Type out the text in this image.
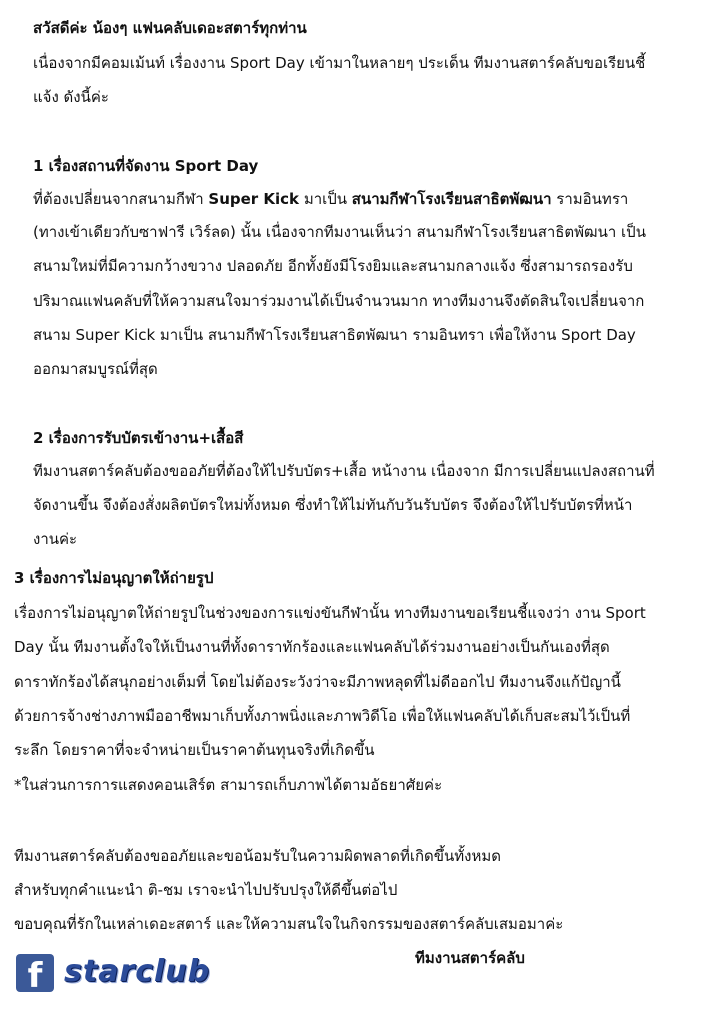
สวัสดีค่ะ น้องๆ แฟนคลับเดอะสตาร์ทุกท่าน
เนื่องจากมีคอมเม้นท์ เรื่องงาน Sport Day เข้ามาในหลายๆ ประเด็น ทีมงานสตาร์คลับขอเรียนชี้
แจ้ง ดังนี้ค่ะ
1 เรื่องสถานที่จัดงาน Sport Day
ที่ต้องเปลี่ยนจากสนามกีฬา Super Kick มาเป็น สนามกีฬาโรงเรียนสาธิตพัฒนา รามอินทรา
(ทางเข้าเดียวกับซาฟารี เวิร์ลด) นั้น เนื่องจากทีมงานเห็นว่า สนามกีฬาโรงเรียนสาธิตพัฒนา เป็น
สนามใหม่ที่มีความกว้างขวาง ปลอดภัย อีกทั้งยังมีโรงยิมและสนามกลางแจ้ง ซึ่งสามารถรองรับ
ปริมาณแฟนคลับที่ให้ความสนใจมาร่วมงานได้เป็นจำนวนมาก ทางทีมงานจึงตัดสินใจเปลี่ยนจาก
สนาม Super Kick มาเป็น สนามกีฬาโรงเรียนสาธิตพัฒนา รามอินทรา เพื่อให้งาน Sport Day
ออกมาสมบูรณ์ที่สุด
2 เรื่องการรับบัตรเข้างาน+เสื้อสี
ทีมงานสตาร์คลับต้องขออภัยที่ต้องให้ไปรับบัตร+เสื้อ หน้างาน เนื่องจาก มีการเปลี่ยนแปลงสถานที่
จัดงานขึ้น จึงต้องสั่งผลิตบัตรใหม่ทั้งหมด ซึ่งทำให้ไม่ทันกับวันรับบัตร จึงต้องให้ไปรับบัตรที่หน้า
งานค่ะ
3 เรื่องการไม่อนุญาตให้ถ่ายรูป
เรื่องการไม่อนุญาตให้ถ่ายรูปในช่วงของการแข่งขันกีฬานั้น ทางทีมงานขอเรียนชี้แจงว่า งาน Sport
Day นั้น ทีมงานตั้งใจให้เป็นงานที่ทั้งดาราทักร้องและแฟนคลับได้ร่วมงานอย่างเป็นกันเองที่สุด
ดาราทักร้องได้สนุกอย่างเต็มที่ โดยไม่ต้องระวังว่าจะมีภาพหลุดที่ไม่ดีออกไป ทีมงานจึงแก้ปัญานี้
ด้วยการจ้างช่างภาพมืออาชีพมาเก็บทั้งภาพนิ่งและภาพวิดีโอ เพื่อให้แฟนคลับได้เก็บสะสมไว้เป็นที่
ระลึก โดยราคาที่จะจำหน่ายเป็นราคาต้นทุนจริงที่เกิดขึ้น
*ในส่วนการการแสดงคอนเสิร์ต สามารถเก็บภาพได้ตามอัธยาศัยค่ะ
ทีมงานสตาร์คลับต้องขออภัยและขอน้อมรับในความผิดพลาดที่เกิดขึ้นทั้งหมด
สำหรับทุกคำแนะนำ ติ-ชม เราจะนำไปปรับปรุงให้ดีขึ้นต่อไป
ขอบคุณที่รักในเหล่าเดอะสตาร์ และให้ความสนใจในกิจกรรมของสตาร์คลับเสมอมาค่ะ
ทีมงานสตาร์คลับ
f starclub
